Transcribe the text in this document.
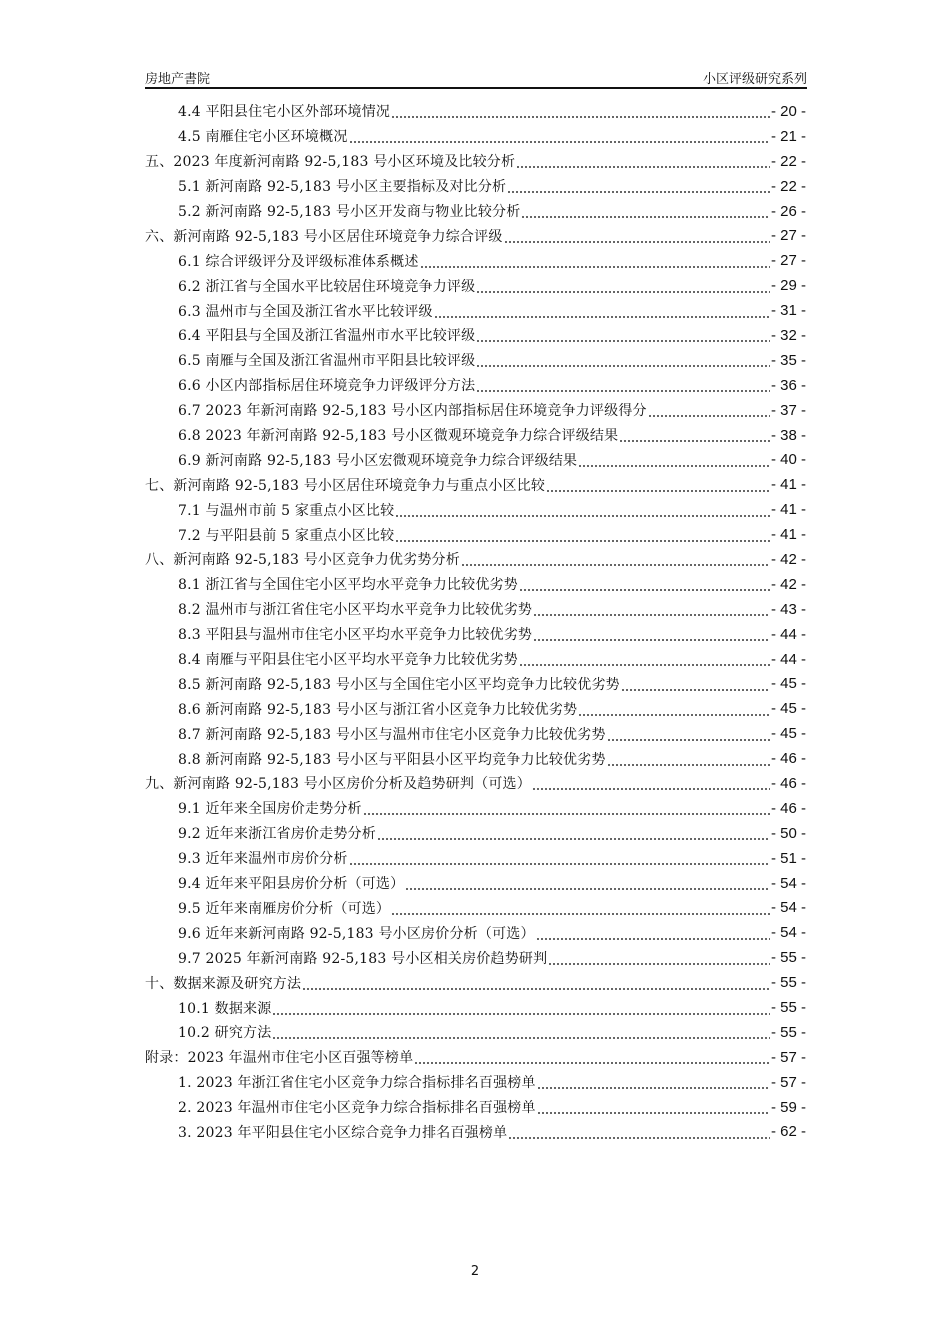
房地产書院	小区评级研究系列
4.4 平阳县住宅小区外部环境情况	- 20 -
4.5 南雁住宅小区环境概况	- 21 -
五、2023 年度新河南路 92-5,183 号小区环境及比较分析	- 22 -
5.1 新河南路 92-5,183 号小区主要指标及对比分析	- 22 -
5.2 新河南路 92-5,183 号小区开发商与物业比较分析	- 26 -
六、新河南路 92-5,183 号小区居住环境竞争力综合评级	- 27 -
6.1 综合评级评分及评级标准体系概述	- 27 -
6.2 浙江省与全国水平比较居住环境竞争力评级	- 29 -
6.3 温州市与全国及浙江省水平比较评级	- 31 -
6.4 平阳县与全国及浙江省温州市水平比较评级	- 32 -
6.5 南雁与全国及浙江省温州市平阳县比较评级	- 35 -
6.6 小区内部指标居住环境竞争力评级评分方法	- 36 -
6.7 2023 年新河南路 92-5,183 号小区内部指标居住环境竞争力评级得分	- 37 -
6.8 2023 年新河南路 92-5,183 号小区微观环境竞争力综合评级结果	- 38 -
6.9 新河南路 92-5,183 号小区宏微观环境竞争力综合评级结果	- 40 -
七、新河南路 92-5,183 号小区居住环境竞争力与重点小区比较	- 41 -
7.1 与温州市前 5 家重点小区比较	- 41 -
7.2 与平阳县前 5 家重点小区比较	- 41 -
八、新河南路 92-5,183 号小区竞争力优劣势分析	- 42 -
8.1 浙江省与全国住宅小区平均水平竞争力比较优劣势	- 42 -
8.2 温州市与浙江省住宅小区平均水平竞争力比较优劣势	- 43 -
8.3 平阳县与温州市住宅小区平均水平竞争力比较优劣势	- 44 -
8.4 南雁与平阳县住宅小区平均水平竞争力比较优劣势	- 44 -
8.5 新河南路 92-5,183 号小区与全国住宅小区平均竞争力比较优劣势	- 45 -
8.6 新河南路 92-5,183 号小区与浙江省小区竞争力比较优劣势	- 45 -
8.7 新河南路 92-5,183 号小区与温州市住宅小区竞争力比较优劣势	- 45 -
8.8 新河南路 92-5,183 号小区与平阳县小区平均竞争力比较优劣势	- 46 -
九、新河南路 92-5,183 号小区房价分析及趋势研判（可选）	- 46 -
9.1 近年来全国房价走势分析	- 46 -
9.2 近年来浙江省房价走势分析	- 50 -
9.3 近年来温州市房价分析	- 51 -
9.4 近年来平阳县房价分析（可选）	- 54 -
9.5 近年来南雁房价分析（可选）	- 54 -
9.6 近年来新河南路 92-5,183 号小区房价分析（可选）	- 54 -
9.7 2025 年新河南路 92-5,183 号小区相关房价趋势研判	- 55 -
十、数据来源及研究方法	- 55 -
10.1 数据来源	- 55 -
10.2 研究方法	- 55 -
附录：2023 年温州市住宅小区百强等榜单	- 57 -
1. 2023 年浙江省住宅小区竞争力综合指标排名百强榜单	- 57 -
2. 2023 年温州市住宅小区竞争力综合指标排名百强榜单	- 59 -
3. 2023 年平阳县住宅小区综合竞争力排名百强榜单	- 62 -
2
